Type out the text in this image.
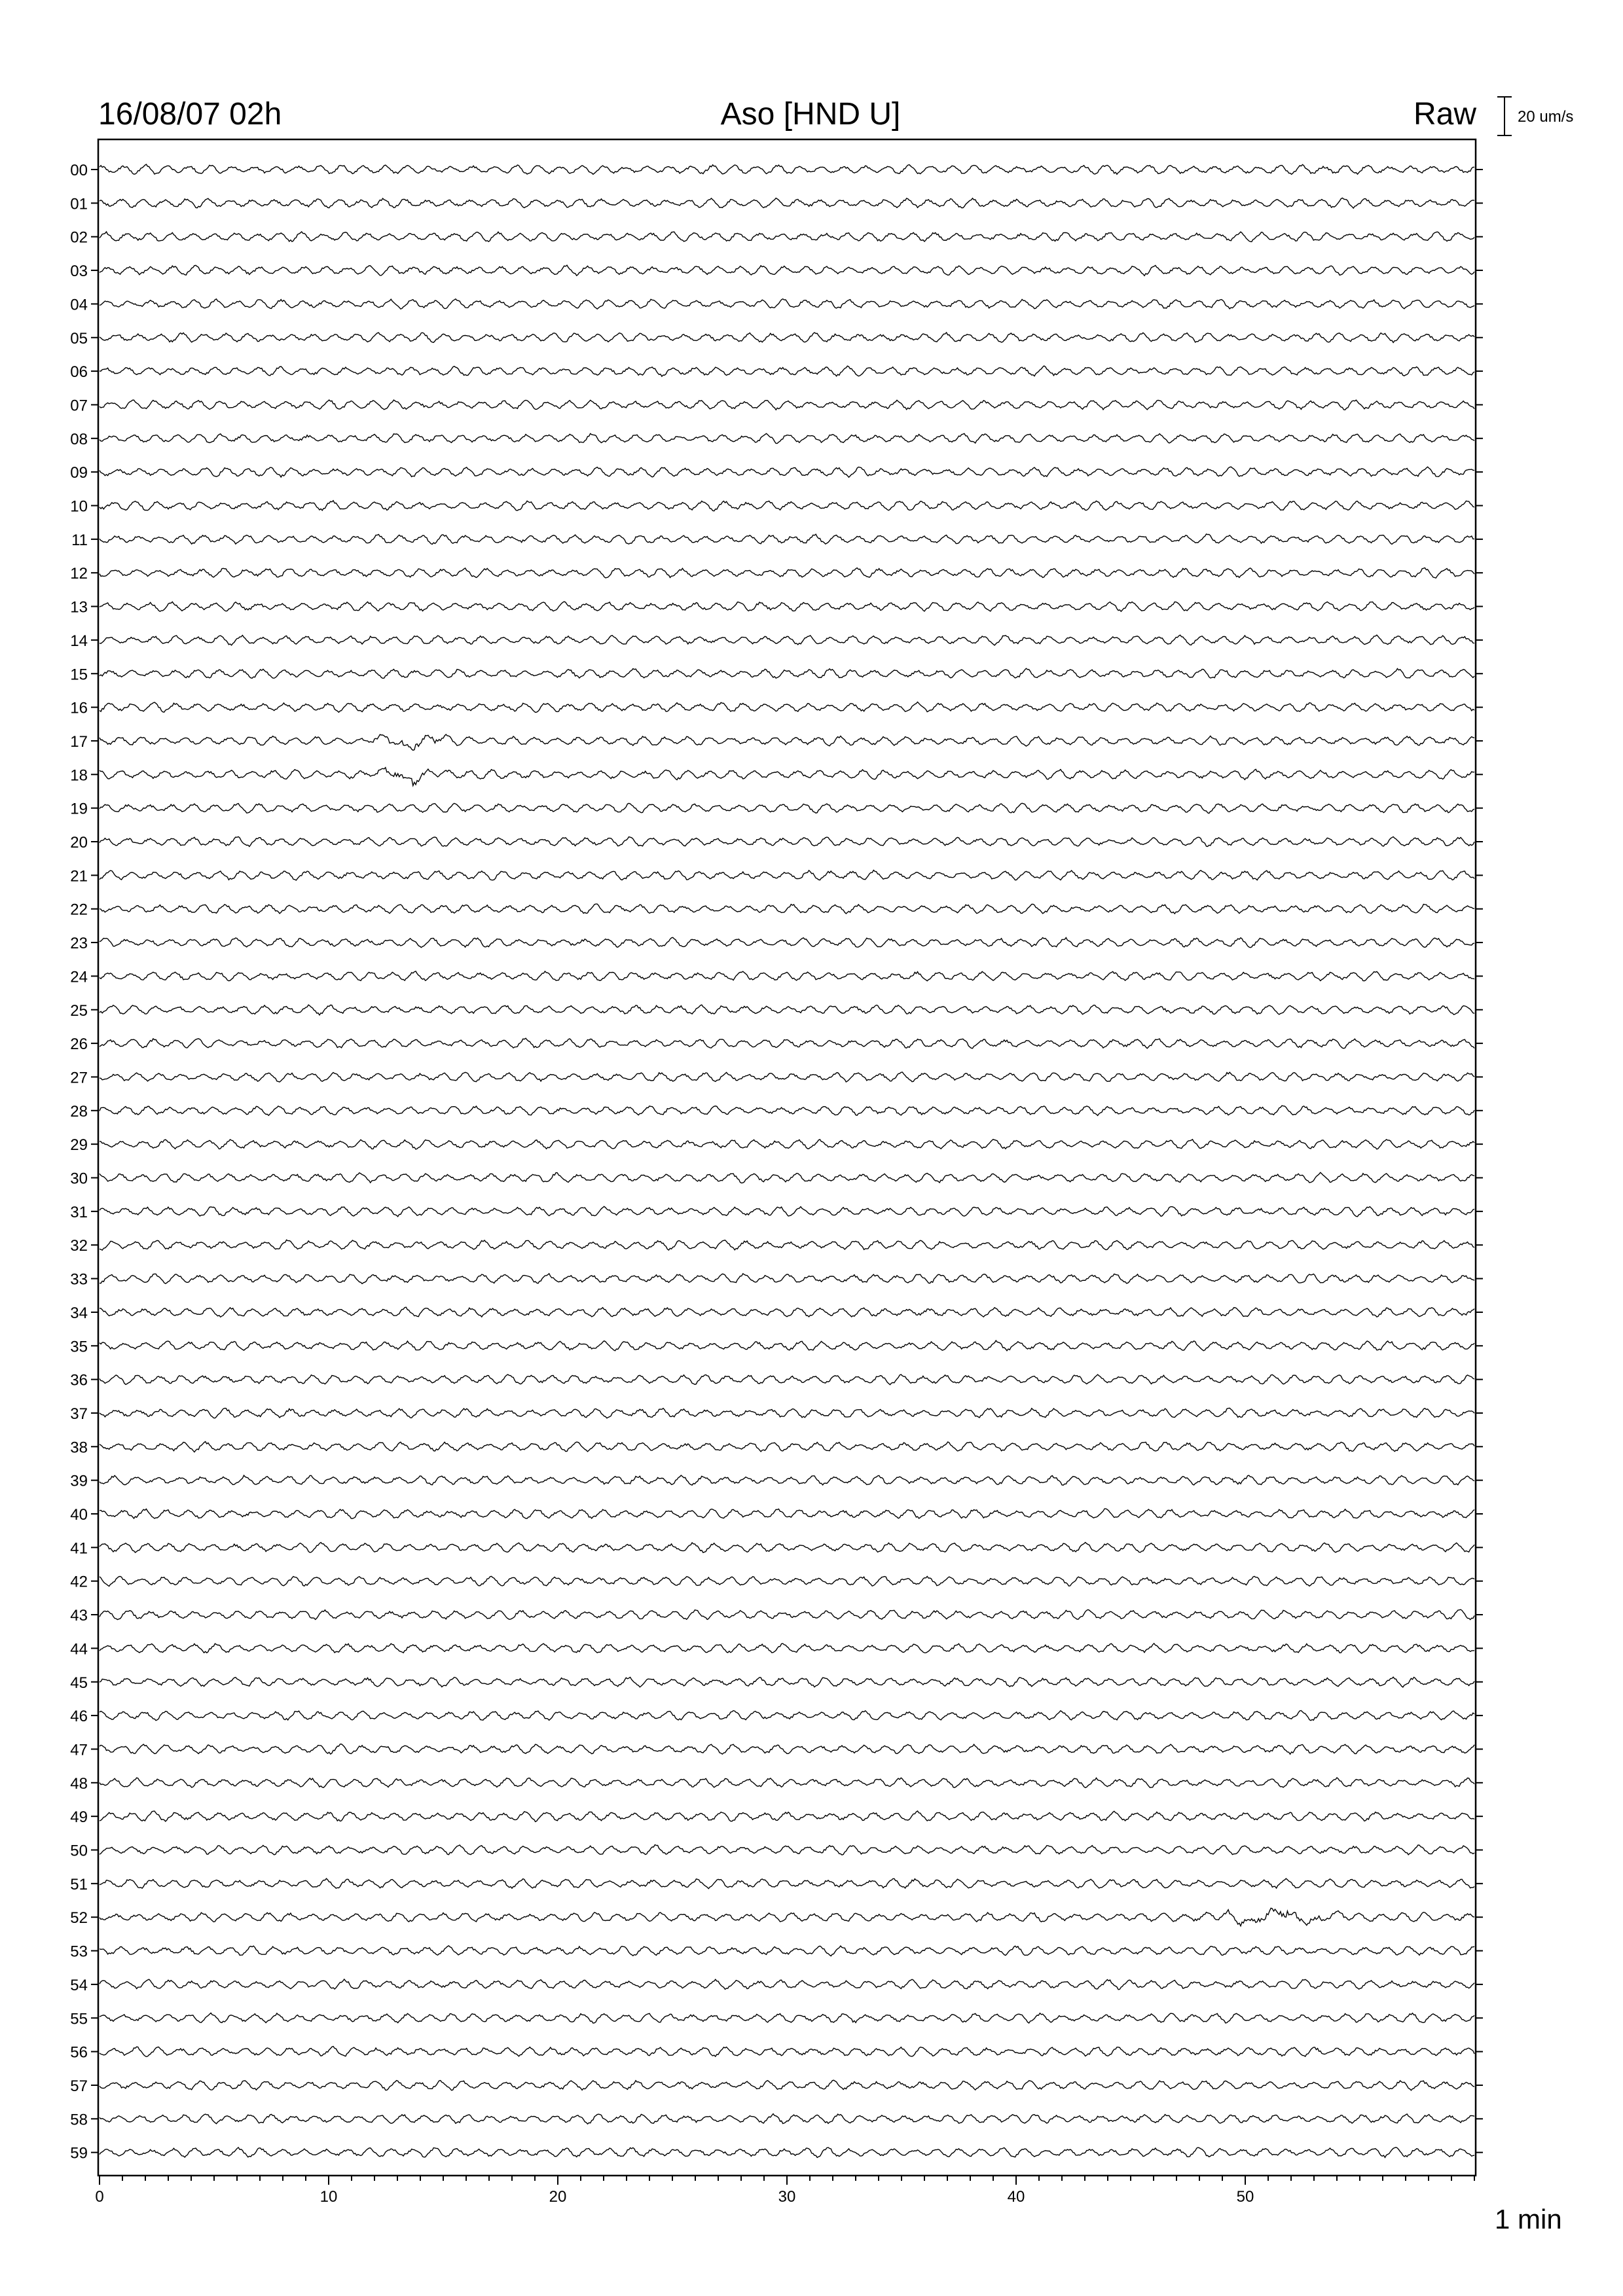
16/08/07 02h	Aso [HND U]	Raw	20 um/s
00
01
02
03
04
05
06
07
08
09
10
11
12
13
14
15
16
17
18
19
20
21
22
23
24
25
26
27
28
29
30
31
32
33
34
35
36
37
38
39
40
41
42
43
44
45
46
47
48
49
50
51
52
53
54
55
56
57
58
59
0	10	20	30	40	50
1 min
